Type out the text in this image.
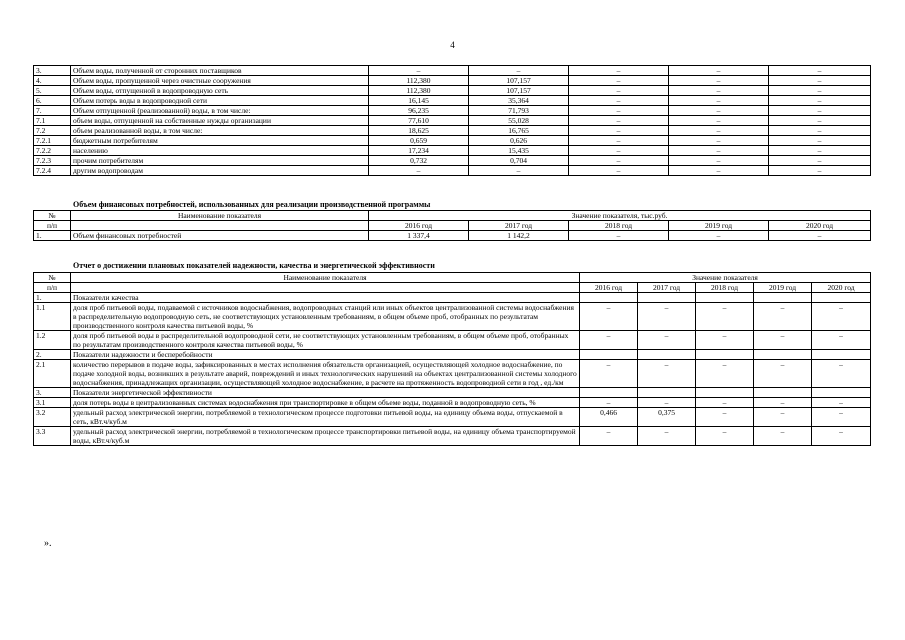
4
3.	Объем воды, полученной от сторонних поставщиков	–	–	–	–	–
4.	Объем воды, пропущенной через очистные сооружения	112,380	107,157	–	–	–
5.	Объем воды, отпущенной в водопроводную сеть	112,380	107,157	–	–	–
6.	Объем потерь воды в водопроводной сети	16,145	35,364	–	–	–
7.	Объем отпущенной (реализованной) воды, в том числе:	96,235	71,793	–	–	–
7.1	объем воды, отпущенной на собственные нужды организации	77,610	55,028	–	–	–
7.2	объем реализованной воды, в том числе:	18,625	16,765	–	–	–
7.2.1	бюджетным потребителям	0,659	0,626	–	–	–
7.2.2	населению	17,234	15,435	–	–	–
7.2.3	прочим потребителям	0,732	0,704	–	–	–
7.2.4	другим водопроводам	–	–	–	–	–
Объем финансовых потребностей, использованных для реализации производственной программы
№	Наименование показателя	Значение показателя, тыс.руб.				
п/п		2016 год	2017 год	2018 год	2019 год	2020 год
1.	Объем финансовых потребностей	1 337,4	1 142,2	–	–	–
Отчет о достижении плановых показателей надежности, качества и энергетической эффективности
№	Наименование показателя	Значение показателя				
п/п		2016 год	2017 год	2018 год	2019 год	2020 год
1.	Показатели качества					
1.1	доля проб питьевой воды, подаваемой с источников водоснабжения, водопроводных станций или иных объектов централизованной системы водоснабжения в распределительную водопроводную сеть, не соответствующих установленным требованиям, в общем объеме проб, отобранных по результатам производственного контроля качества питьевой воды, %	–	–	–	–	–
1.2	доля проб питьевой воды в распределительной водопроводной сети, не соответствующих установленным требованиям, в общем объеме проб, отобранных по результатам производственного контроля качества питьевой воды, %	–	–	–	–	–
2.	Показатели надежности и бесперебойности					
2.1	количество перерывов в подаче воды, зафиксированных в местах исполнения обязательств организацией, осуществляющей холодное водоснабжение, по подаче холодной воды, возникших в результате аварий, повреждений и иных технологических нарушений на объектах централизованной системы холодного водоснабжения, принадлежащих организации, осуществляющей холодное водоснабжение, в расчете на протяженность водопроводной сети в год , ед./км	–	–	–	–	–
3.	Показатели энергетической эффективности					
3.1	доля потерь воды в централизованных системах водоснабжения при транспортировке в общем объеме воды, поданной в водопроводную сеть, %	–	–	–	–	–
3.2	удельный расход электрической энергии, потребляемой в технологическом процессе подготовки питьевой воды, на единицу объема воды, отпускаемой в сеть, кВт.ч/куб.м	0,466	0,375	–	–	–
3.3	удельный расход электрической энергии, потребляемой в технологическом процессе транспортировки питьевой воды, на единицу объема транспортируемой воды, кВт.ч/куб.м	–	–	–	–	–
».
